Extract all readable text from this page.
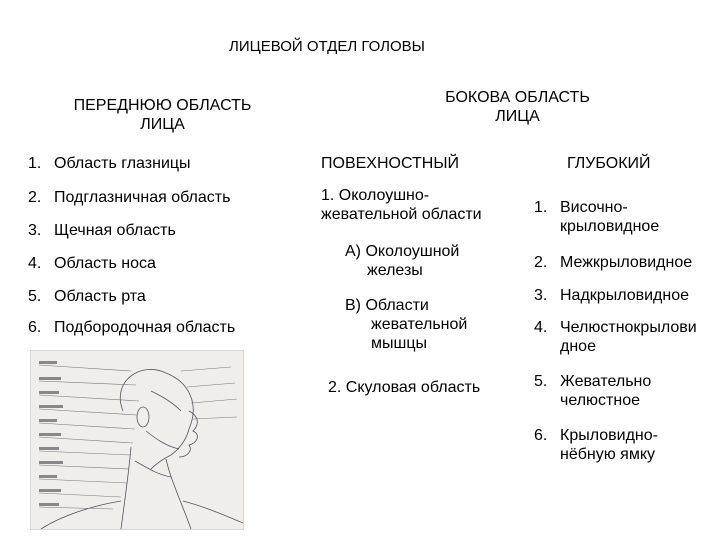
ЛИЦЕВОЙ ОТДЕЛ ГОЛОВЫ
ПЕРЕДНЮЮ ОБЛАСТЬ
ЛИЦА
1. Область глазницы
2. Подглазничная область
3. Щечная область
4. Область носа
5. Область рта
6. Подбородочная область
БОКОВА ОБЛАСТЬ
ЛИЦА
ПОВЕХНОСТНЫЙ
1. Околоушно-
жевательной области
А) Околоушной
железы
В) Области
жевательной
мышцы
2. Скуловая область
ГЛУБОКИЙ
1. Височно-
крыловидное
2. Межкрыловидное
3. Надкрыловидное
4. Челюстнокрылови
дное
5. Жевательно
челюстное
6. Крыловидно-
нёбную ямку
